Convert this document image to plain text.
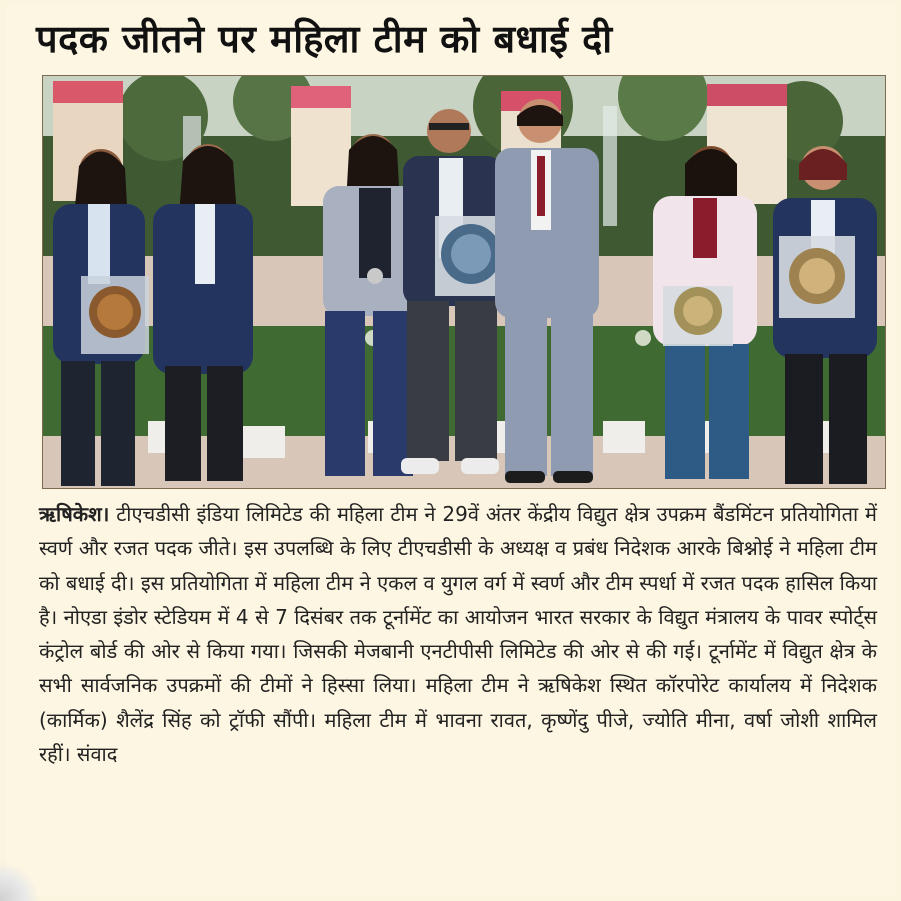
पदक जीतने पर महिला टीम को बधाई दी
ऋषिकेश। टीएचडीसी इंडिया लिमिटेड की महिला टीम ने 29वें अंतर केंद्रीय विद्युत क्षेत्र उपक्रम बैंडमिंटन प्रतियोगिता में स्वर्ण और रजत पदक जीते। इस उपलब्धि के लिए टीएचडीसी के अध्यक्ष व प्रबंध निदेशक आरके बिश्नोई ने महिला टीम को बधाई दी। इस प्रतियोगिता में महिला टीम ने एकल व युगल वर्ग में स्वर्ण और टीम स्पर्धा में रजत पदक हासिल किया है। नोएडा इंडोर स्टेडियम में 4 से 7 दिसंबर तक टूर्नामेंट का आयोजन भारत सरकार के विद्युत मंत्रालय के पावर स्पोर्ट्स कंट्रोल बोर्ड की ओर से किया गया। जिसकी मेजबानी एनटीपीसी लिमिटेड की ओर से की गई। टूर्नामेंट में विद्युत क्षेत्र के सभी सार्वजनिक उपक्रमों की टीमों ने हिस्सा लिया। महिला टीम ने ऋषिकेश स्थित कॉरपोरेट कार्यालय में निदेशक (कार्मिक) शैलेंद्र सिंह को ट्रॉफी सौंपी। महिला टीम में भावना रावत, कृष्णेंदु पीजे, ज्योति मीना, वर्षा जोशी शामिल रहीं। संवाद
